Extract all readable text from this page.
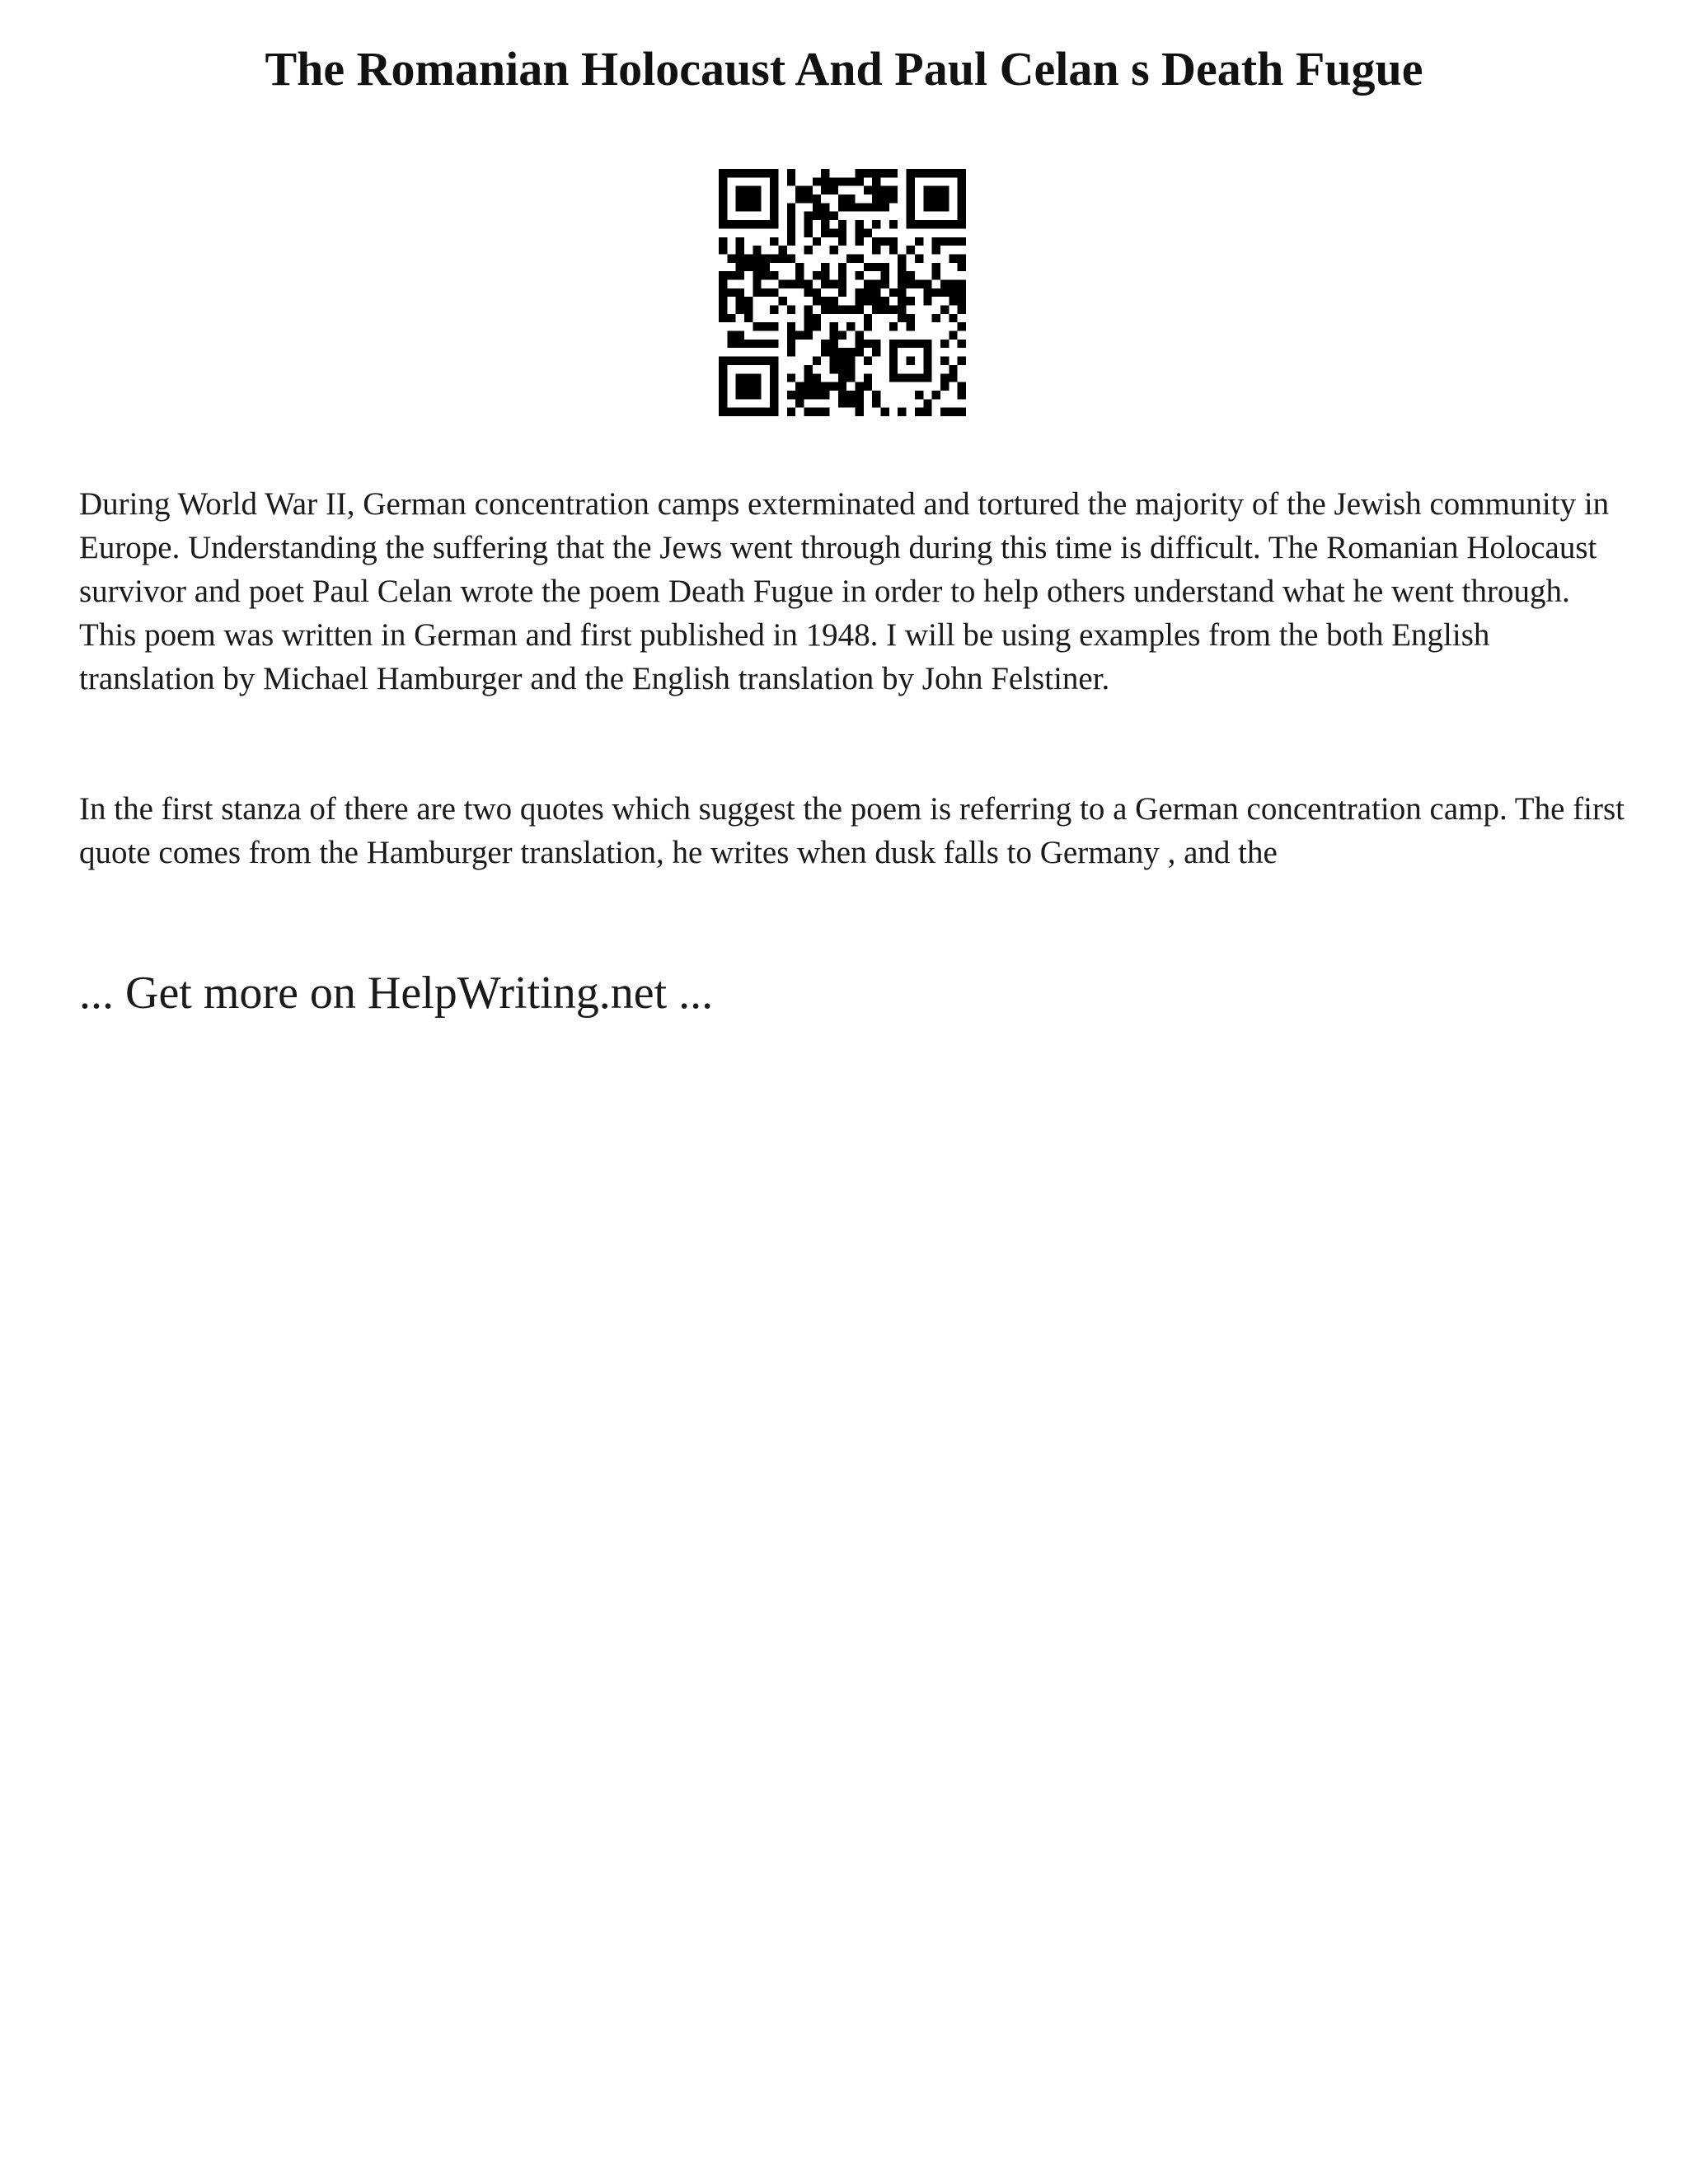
The Romanian Holocaust And Paul Celan s Death Fugue

During World War II, German concentration camps exterminated and tortured the majority of the Jewish community in Europe. Understanding the suffering that the Jews went through during this time is difficult. The Romanian Holocaust survivor and poet Paul Celan wrote the poem Death Fugue in order to help others understand what he went through. This poem was written in German and first published in 1948. I will be using examples from the both English translation by Michael Hamburger and the English translation by John Felstiner.

In the first stanza of there are two quotes which suggest the poem is referring to a German concentration camp. The first quote comes from the Hamburger translation, he writes when dusk falls to Germany , and the

... Get more on HelpWriting.net ...
